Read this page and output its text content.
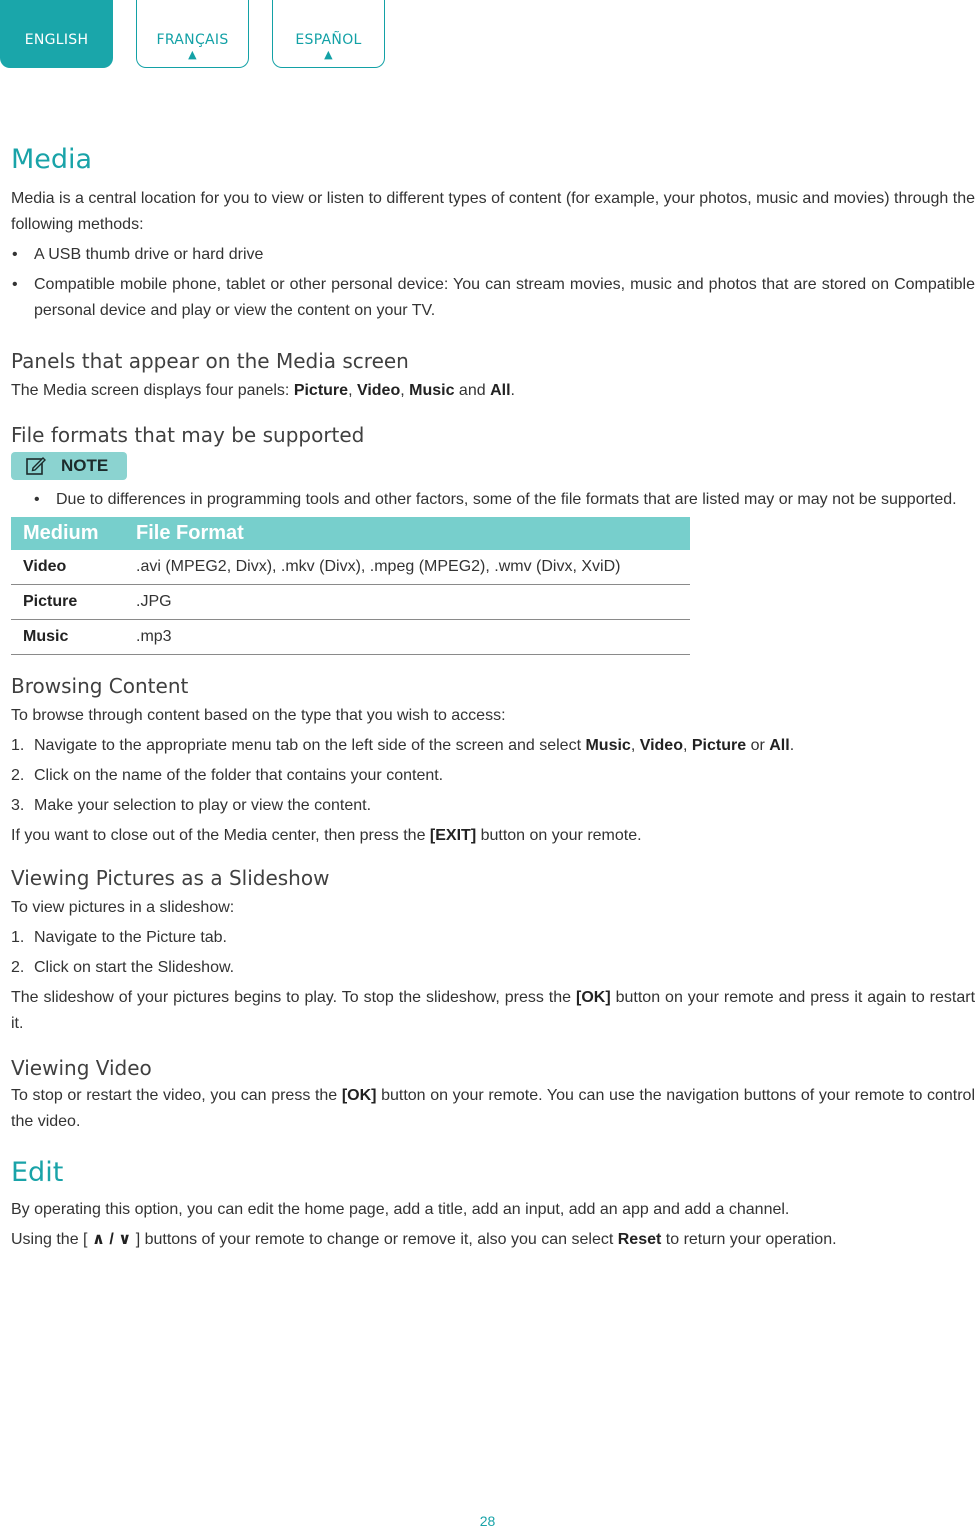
ENGLISH	FRANÇAIS
▲
ESPAÑOL
▲
Media

Media is a central location for you to view or listen to different types of content (for example, your photos, music and movies) through the following methods:

• A USB thumb drive or hard drive
• Compatible mobile phone, tablet or other personal device: You can stream movies, music and photos that are stored on Compatible personal device and play or view the content on your TV.
Panels that appear on the Media screen

The Media screen displays four panels: Picture, Video, Music and All.

File formats that may be supported
NOTE
• Due to differences in programming tools and other factors, some of the file formats that are listed may or may not be supported.
Medium	File Format
Video	.avi (MPEG2, Divx), .mkv (Divx), .mpeg (MPEG2), .wmv (Divx, XviD)
Picture	.JPG
Music	.mp3
Browsing Content

To browse through content based on the type that you wish to access:

1. Navigate to the appropriate menu tab on the left side of the screen and select Music, Video, Picture or All.
2. Click on the name of the folder that contains your content.
3. Make your selection to play or view the content.

If you want to close out of the Media center, then press the [EXIT] button on your remote.

Viewing Pictures as a Slideshow

To view pictures in a slideshow:

1. Navigate to the Picture tab.
2. Click on start the Slideshow.

The slideshow of your pictures begins to play. To stop the slideshow, press the [OK] button on your remote and press it again to restart it.

Viewing Video

To stop or restart the video, you can press the [OK] button on your remote. You can use the navigation buttons of your remote to control the video.

Edit

By operating this option, you can edit the home page, add a title, add an input, add an app and add a channel.

Using the [ ∧ / ∨ ] buttons of your remote to change or remove it, also you can select Reset to return your operation.

28
